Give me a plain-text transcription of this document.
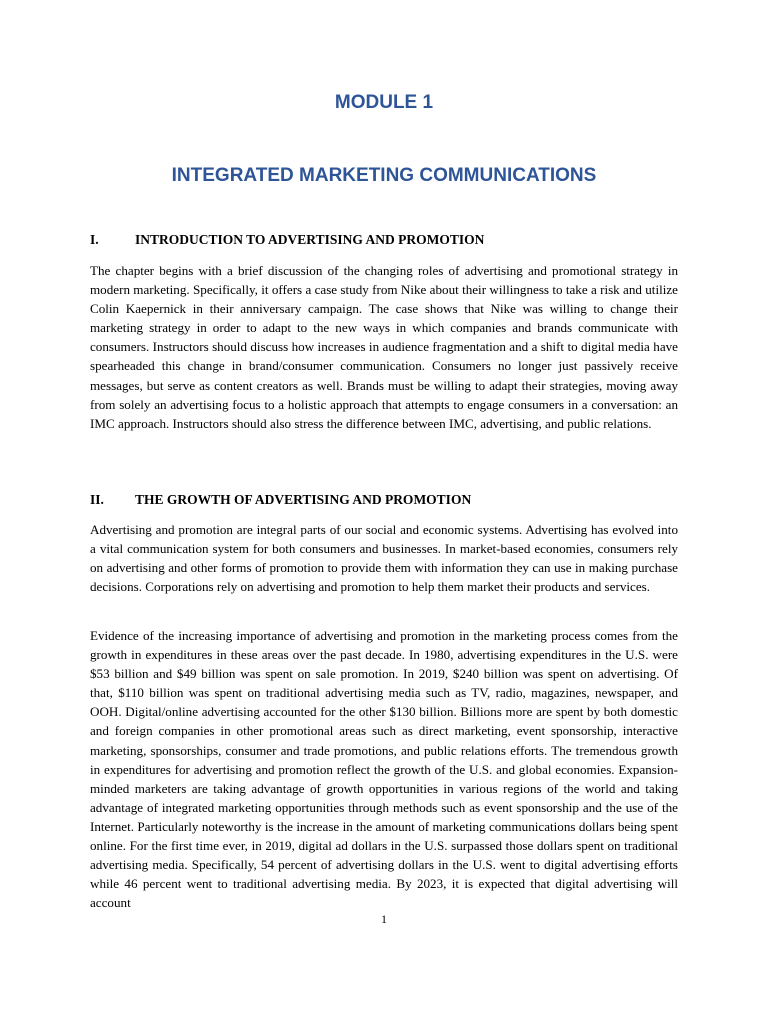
MODULE 1
INTEGRATED MARKETING COMMUNICATIONS
I.	INTRODUCTION TO ADVERTISING AND PROMOTION

The chapter begins with a brief discussion of the changing roles of advertising and promotional strategy in modern marketing. Specifically, it offers a case study from Nike about their willingness to take a risk and utilize Colin Kaepernick in their anniversary campaign. The case shows that Nike was willing to change their marketing strategy in order to adapt to the new ways in which companies and brands communicate with consumers. Instructors should discuss how increases in audience fragmentation and a shift to digital media have spearheaded this change in brand/consumer communication. Consumers no longer just passively receive messages, but serve as content creators as well. Brands must be willing to adapt their strategies, moving away from solely an advertising focus to a holistic approach that attempts to engage consumers in a conversation: an IMC approach. Instructors should also stress the difference between IMC, advertising, and public relations.

II. THE GROWTH OF ADVERTISING AND PROMOTION

Advertising and promotion are integral parts of our social and economic systems. Advertising has evolved into a vital communication system for both consumers and businesses. In market-based economies, consumers rely on advertising and other forms of promotion to provide them with information they can use in making purchase decisions. Corporations rely on advertising and promotion to help them market their products and services.

Evidence of the increasing importance of advertising and promotion in the marketing process comes from the growth in expenditures in these areas over the past decade. In 1980, advertising expenditures in the U.S. were $53 billion and $49 billion was spent on sale promotion. In 2019, $240 billion was spent on advertising. Of that, $110 billion was spent on traditional advertising media such as TV, radio, magazines, newspaper, and OOH. Digital/online advertising accounted for the other $130 billion. Billions more are spent by both domestic and foreign companies in other promotional areas such as direct marketing, event sponsorship, interactive marketing, sponsorships, consumer and trade promotions, and public relations efforts. The tremendous growth in expenditures for advertising and promotion reflect the growth of the U.S. and global economies. Expansion-minded marketers are taking advantage of growth opportunities in various regions of the world and taking advantage of integrated marketing opportunities through methods such as event sponsorship and the use of the Internet. Particularly noteworthy is the increase in the amount of marketing communications dollars being spent online. For the first time ever, in 2019, digital ad dollars in the U.S. surpassed those dollars spent on traditional advertising media. Specifically, 54 percent of advertising dollars in the U.S. went to digital advertising efforts while 46 percent went to traditional advertising media. By 2023, it is expected that digital advertising will account

1
